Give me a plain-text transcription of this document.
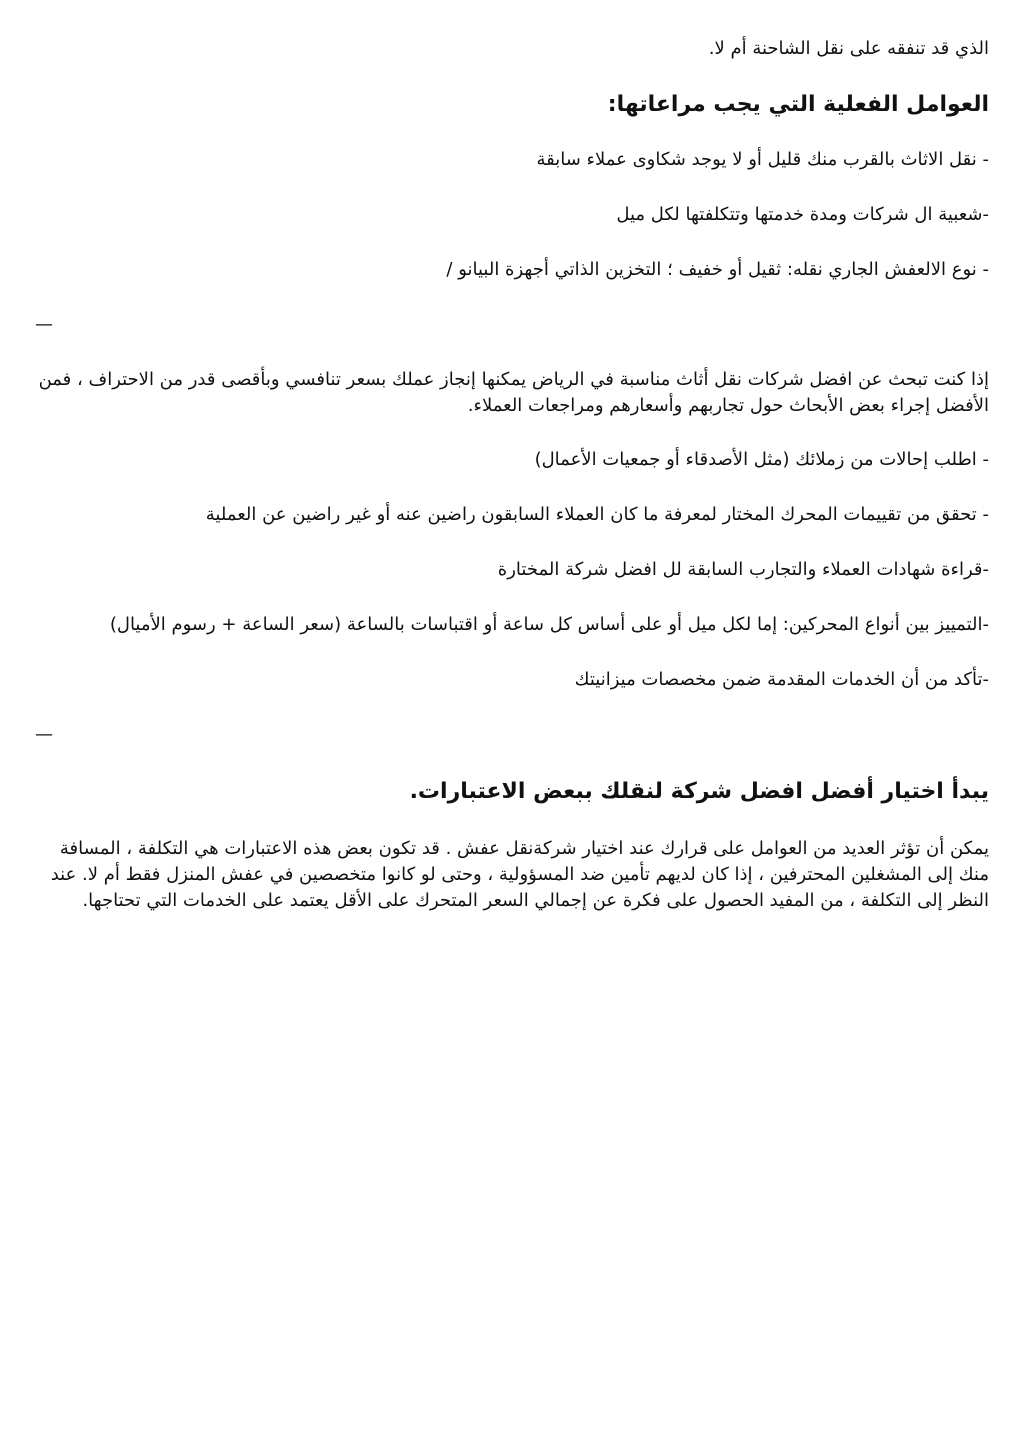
الذي قد تنفقه على نقل الشاحنة أم لا.

العوامل الفعلية التي يجب مراعاتها:

- نقل الاثاث بالقرب منك قليل أو لا يوجد شكاوى عملاء سابقة

-شعبية ال شركات ومدة خدمتها وتتكلفتها لكل ميل

- نوع الالعفش الجاري نقله: ثقيل أو خفيف ؛ التخزين الذاتي أجهزة البيانو /

—

إذا كنت تبحث عن افضل شركات نقل أثاث مناسبة في الرياض يمكنها إنجاز عملك بسعر تنافسي وبأقصى قدر من الاحتراف ، فمن الأفضل إجراء بعض الأبحاث حول تجاربهم وأسعارهم ومراجعات العملاء.

- اطلب إحالات من زملائك (مثل الأصدقاء أو جمعيات الأعمال)

- تحقق من تقييمات المحرك المختار لمعرفة ما كان العملاء السابقون راضين عنه أو غير راضين عن العملية

-قراءة شهادات العملاء والتجارب السابقة لل افضل شركة المختارة

-التمييز بين أنواع المحركين: إما لكل ميل أو على أساس كل ساعة أو اقتباسات بالساعة (سعر الساعة + رسوم الأميال)

-تأكد من أن الخدمات المقدمة ضمن مخصصات ميزانيتك

—

يبدأ اختيار أفضل افضل شركة لنقلك ببعض الاعتبارات.

يمكن أن تؤثر العديد من العوامل على قرارك عند اختيار شركةنقل عفش . قد تكون بعض هذه الاعتبارات هي التكلفة ، المسافة منك إلى المشغلين المحترفين ، إذا كان لديهم تأمين ضد المسؤولية ، وحتى لو كانوا متخصصين في عفش المنزل فقط أم لا. عند النظر إلى التكلفة ، من المفيد الحصول على فكرة عن إجمالي السعر المتحرك على الأقل يعتمد على الخدمات التي تحتاجها.
